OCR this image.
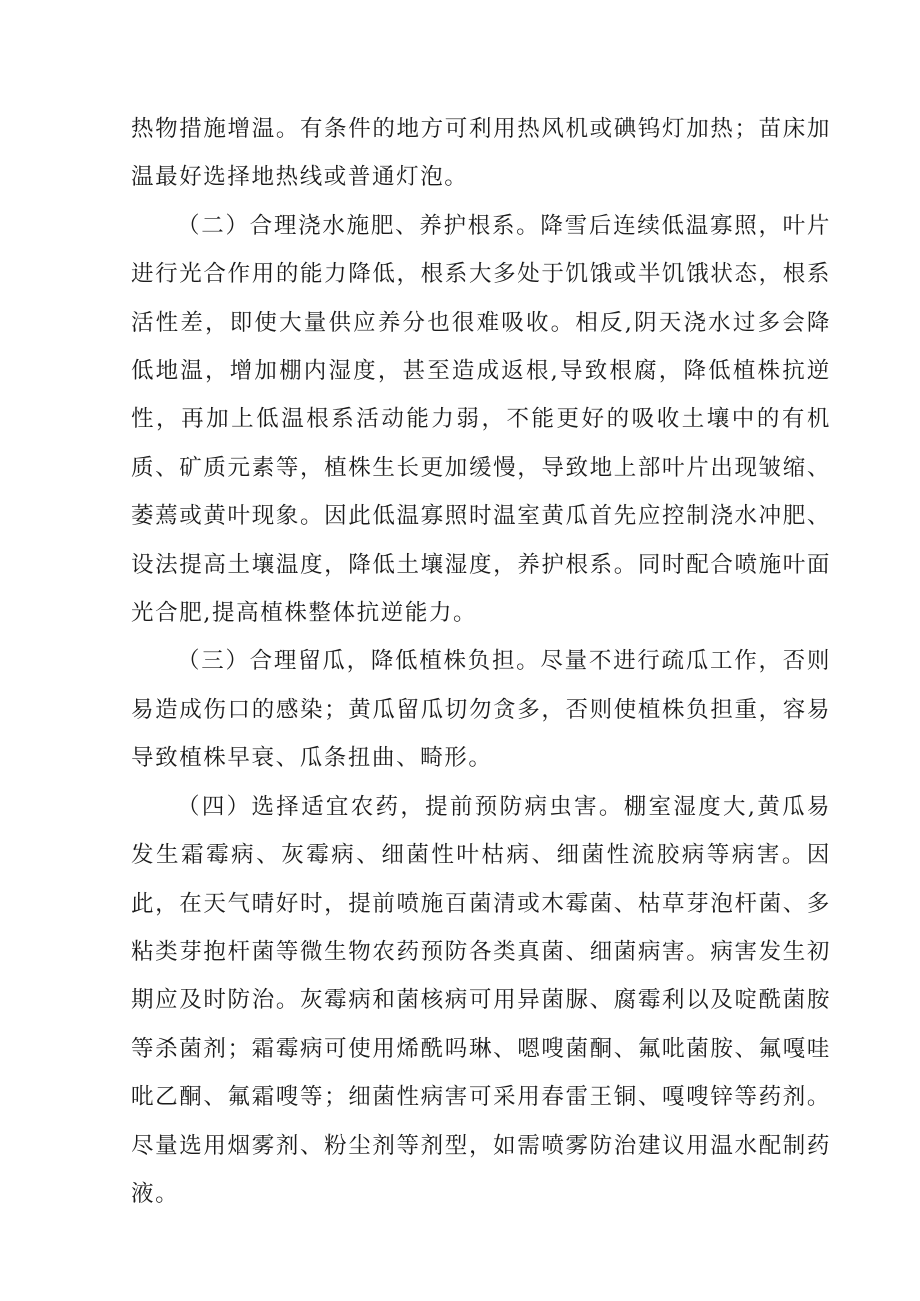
热物措施增温。有条件的地方可利用热风机或碘钨灯加热；苗床加温最好选择地热线或普通灯泡。

（二）合理浇水施肥、养护根系。降雪后连续低温寡照，叶片进行光合作用的能力降低，根系大多处于饥饿或半饥饿状态，根系活性差，即使大量供应养分也很难吸收。相反,阴天浇水过多会降低地温，增加棚内湿度，甚至造成返根,导致根腐，降低植株抗逆性，再加上低温根系活动能力弱，不能更好的吸收土壤中的有机质、矿质元素等，植株生长更加缓慢，导致地上部叶片出现皱缩、萎蔫或黄叶现象。因此低温寡照时温室黄瓜首先应控制浇水冲肥、设法提高土壤温度，降低土壤湿度，养护根系。同时配合喷施叶面光合肥,提高植株整体抗逆能力。

（三）合理留瓜，降低植株负担。尽量不进行疏瓜工作，否则易造成伤口的感染；黄瓜留瓜切勿贪多，否则使植株负担重，容易导致植株早衰、瓜条扭曲、畸形。

（四）选择适宜农药，提前预防病虫害。棚室湿度大,黄瓜易发生霜霉病、灰霉病、细菌性叶枯病、细菌性流胶病等病害。因此，在天气晴好时，提前喷施百菌清或木霉菌、枯草芽泡杆菌、多粘类芽抱杆菌等微生物农药预防各类真菌、细菌病害。病害发生初期应及时防治。灰霉病和菌核病可用异菌脲、腐霉利以及啶酰菌胺等杀菌剂；霜霉病可使用烯酰吗琳、嗯嗖菌酮、氟吡菌胺、氟嘎哇吡乙酮、氟霜嗖等；细菌性病害可采用春雷王铜、嘎嗖锌等药剂。尽量选用烟雾剂、粉尘剂等剂型，如需喷雾防治建议用温水配制药液。
